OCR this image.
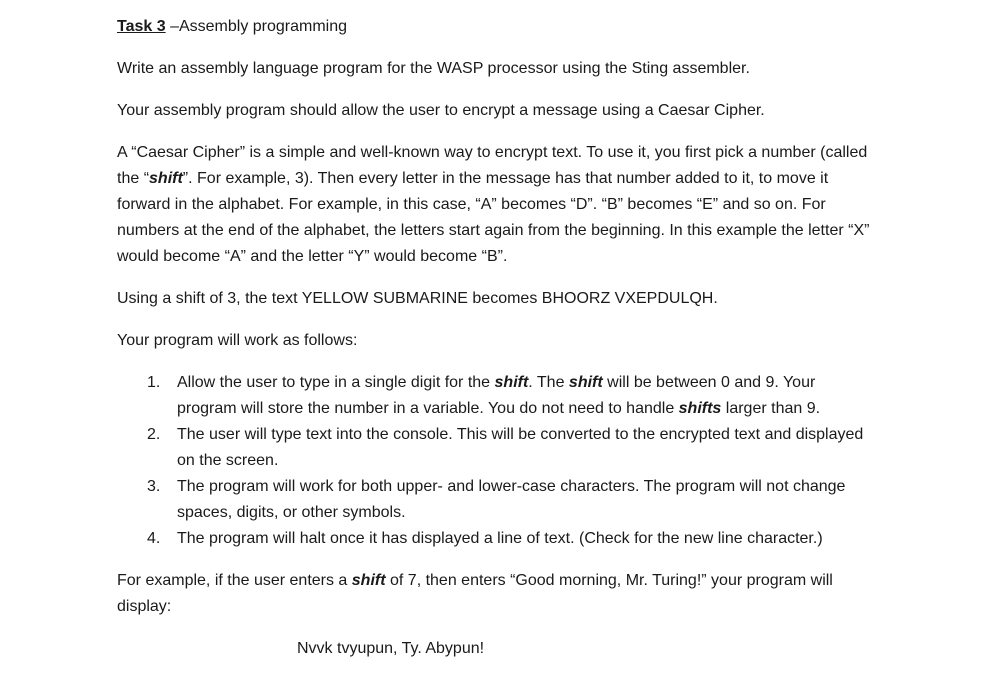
Task 3 –Assembly programming

Write an assembly language program for the WASP processor using the Sting assembler.

Your assembly program should allow the user to encrypt a message using a Caesar Cipher.

A “Caesar Cipher” is a simple and well-known way to encrypt text. To use it, you first pick a number (called the “shift”. For example, 3). Then every letter in the message has that number added to it, to move it forward in the alphabet. For example, in this case, “A” becomes “D”. “B” becomes “E” and so on. For numbers at the end of the alphabet, the letters start again from the beginning. In this example the letter “X” would become “A” and the letter “Y” would become “B”.

Using a shift of 3, the text YELLOW SUBMARINE becomes BHOORZ VXEPDULQH.

Your program will work as follows:

1. Allow the user to type in a single digit for the shift. The shift will be between 0 and 9. Your program will store the number in a variable. You do not need to handle shifts larger than 9.
2. The user will type text into the console. This will be converted to the encrypted text and displayed on the screen.
3. The program will work for both upper- and lower-case characters. The program will not change spaces, digits, or other symbols.
4. The program will halt once it has displayed a line of text. (Check for the new line character.)

For example, if the user enters a shift of 7, then enters “Good morning, Mr. Turing!” your program will display:

Nvvk tvyupun, Ty. Abypun!
